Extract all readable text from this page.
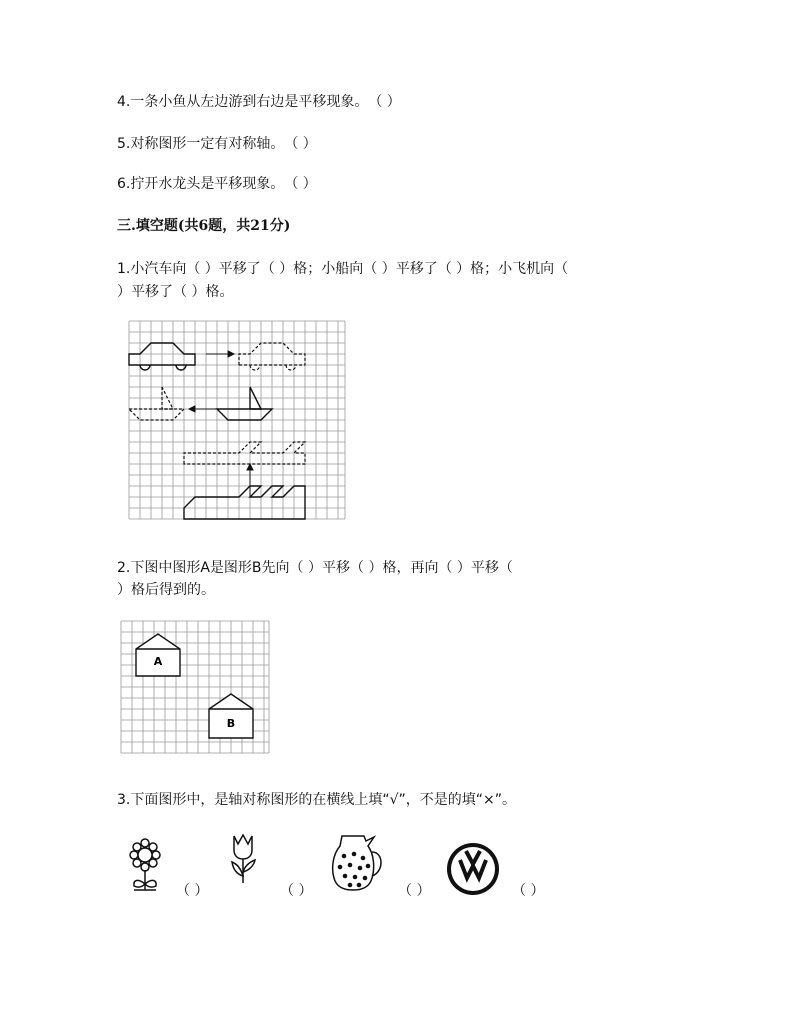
4.一条小鱼从左边游到右边是平移现象。　（ ）
5.对称图形一定有对称轴。　（ ）
6.拧开水龙头是平移现象。　（ ）
三.填空题(共6题，共21分)
1.小汽车向（ ）平移了（ ）格；小船向（ ）平移了（ ）格；小飞机向（
）平移了（ ）格。
2.下图中图形A是图形B先向（ ）平移（ ）格，再向（ ）平移（
）格后得到的。
A
B
3.下面图形中，是轴对称图形的在横线上填“√”，不是的填“×”。
（ ）	（ ）	（ ）	（ ）
